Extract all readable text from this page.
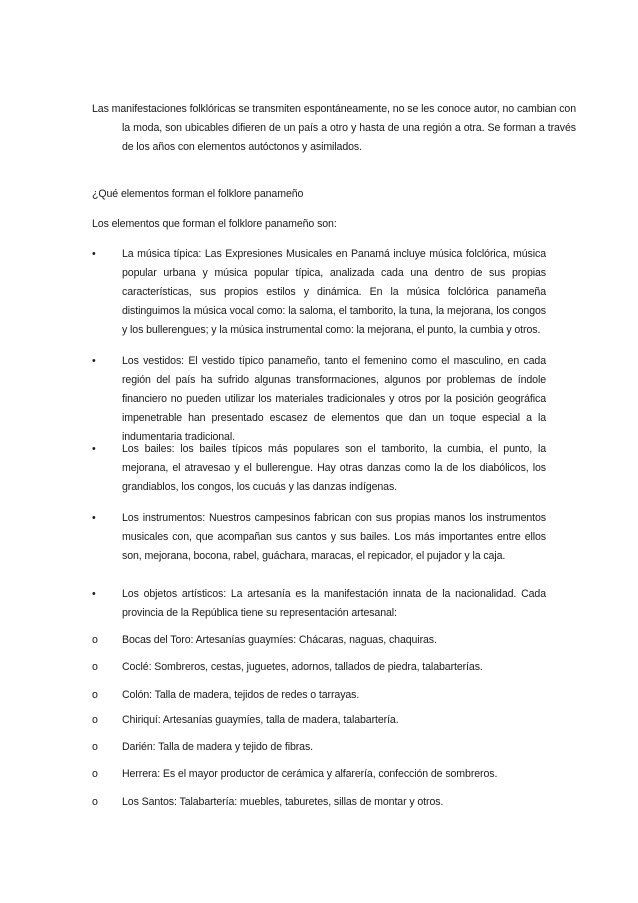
Las manifestaciones folklóricas se transmiten espontáneamente, no se les conoce autor, no cambian con la moda, son ubicables difieren de un país a otro y hasta de una región a otra. Se forman a través de los años con elementos autóctonos y asimilados.
¿Qué elementos forman el folklore panameño
Los elementos que forman el folklore panameño son:
•	La música típica: Las Expresiones Musicales en Panamá incluye música folclórica, música popular urbana y música popular típica, analizada cada una dentro de sus propias características, sus propios estilos y dinámica. En la música folclórica panameña distinguimos la música vocal como: la saloma, el tamborito, la tuna, la mejorana, los congos y los bullerengues; y la música instrumental como: la mejorana, el punto, la cumbia y otros.
•	Los vestidos: El vestido típico panameño, tanto el femenino como el masculino, en cada región del país ha sufrido algunas transformaciones, algunos por problemas de índole financiero no pueden utilizar los materiales tradicionales y otros por la posición geográfica impenetrable han presentado escasez de elementos que dan un toque especial a la indumentaria tradicional.
•	Los bailes: los bailes típicos más populares son el tamborito, la cumbia, el punto, la mejorana, el atravesao y el bullerengue. Hay otras danzas como la de los diabólicos, los grandiablos, los congos, los cucuás y las danzas indígenas.
•	Los instrumentos: Nuestros campesinos fabrican con sus propias manos los instrumentos musicales con, que acompañan sus cantos y sus bailes. Los más importantes entre ellos son, mejorana, bocona, rabel, guáchara, maracas, el repicador, el pujador y la caja.
•	Los objetos artísticos: La artesanía es la manifestación innata de la nacionalidad. Cada provincia de la República tiene su representación artesanal:
o	Bocas del Toro: Artesanías guaymíes: Chácaras, naguas, chaquiras.
o	Coclé: Sombreros, cestas, juguetes, adornos, tallados de piedra, talabarterías.
o	Colón: Talla de madera, tejidos de redes o tarrayas.
o	Chiriquí: Artesanías guaymíes, talla de madera, talabartería.
o	Darién: Talla de madera y tejido de fibras.
o	Herrera: Es el mayor productor de cerámica y alfarería, confección de sombreros.
o	Los Santos: Talabartería: muebles, taburetes, sillas de montar y otros.
